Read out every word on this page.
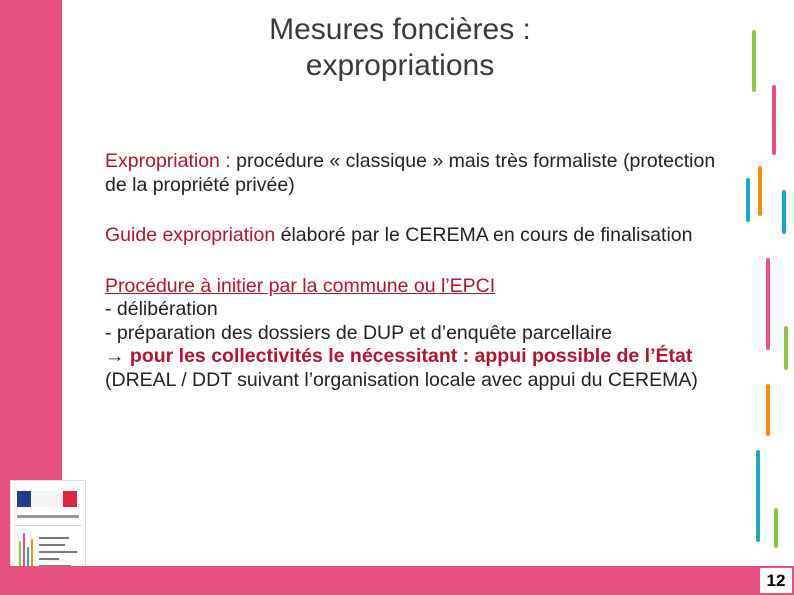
Mesures foncières :
expropriations

Expropriation : procédure « classique » mais très formaliste (protection de la propriété privée)

Guide expropriation élaboré par le CEREMA en cours de finalisation

Procédure à initier par la commune ou l’EPCI
- délibération
- préparation des dossiers de DUP et d’enquête parcellaire
→ pour les collectivités le nécessitant : appui possible de l’État (DREAL / DDT suivant l’organisation locale avec appui du CEREMA)

12
